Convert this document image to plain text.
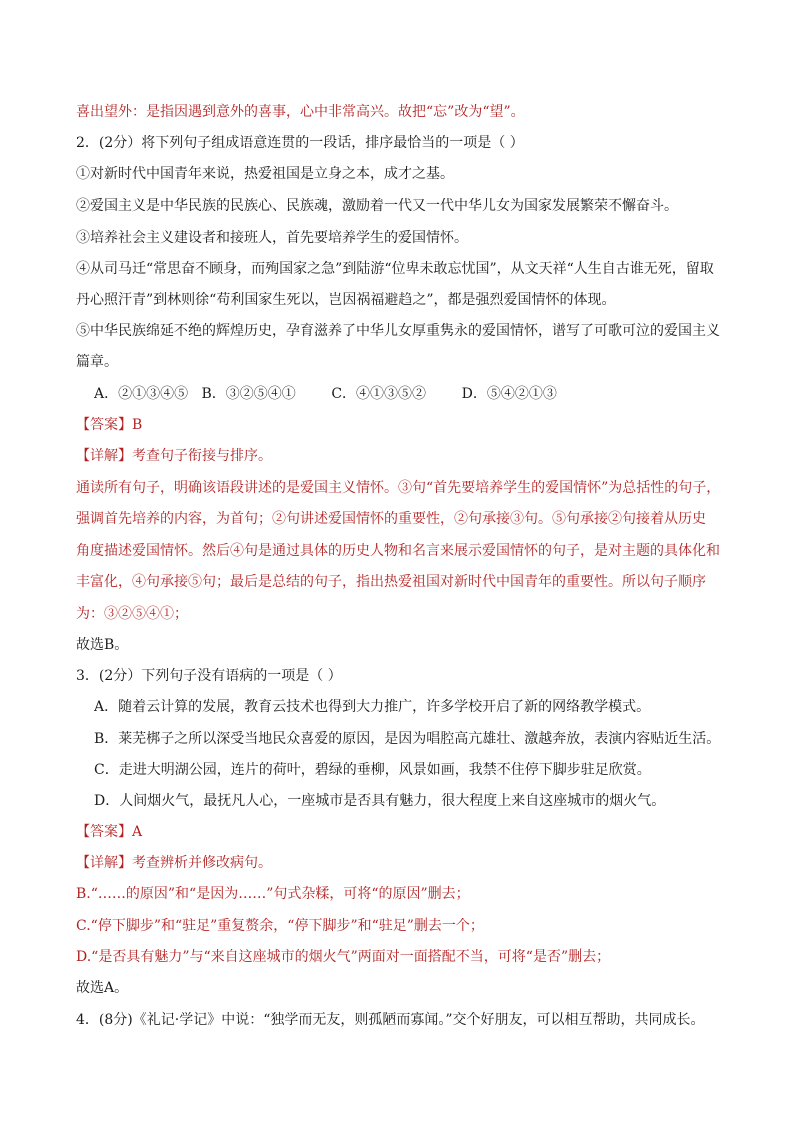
喜出望外：是指因遇到意外的喜事，心中非常高兴。故把“忘”改为“望”。
2．(2分）将下列句子组成语意连贯的一段话，排序最恰当的一项是（ ）
①对新时代中国青年来说，热爱祖国是立身之本，成才之基。
②爱国主义是中华民族的民族心、民族魂，激励着一代又一代中华儿女为国家发展繁荣不懈奋斗。
③培养社会主义建设者和接班人，首先要培养学生的爱国情怀。
④从司马迁“常思奋不顾身，而殉国家之急”到陆游“位卑未敢忘忧国”，从文天祥“人生自古谁无死，留取
丹心照汗青”到林则徐“苟利国家生死以，岂因祸福避趋之”，都是强烈爱国情怀的体现。
⑤中华民族绵延不绝的辉煌历史，孕育滋养了中华儿女厚重隽永的爱国情怀，谱写了可歌可泣的爱国主义
篇章。
A．②①③④⑤   B．③②⑤④①        C．④①③⑤②        D．⑤④②①③
【答案】B
【详解】考查句子衔接与排序。
通读所有句子，明确该语段讲述的是爱国主义情怀。③句“首先要培养学生的爱国情怀”为总括性的句子，
强调首先培养的内容，为首句；②句讲述爱国情怀的重要性，②句承接③句。⑤句承接②句接着从历史
角度描述爱国情怀。然后④句是通过具体的历史人物和名言来展示爱国情怀的句子，是对主题的具体化和
丰富化，④句承接⑤句；最后是总结的句子，指出热爱祖国对新时代中国青年的重要性。所以句子顺序
为：③②⑤④①；
故选B。
3．(2分）下列句子没有语病的一项是（ ）
A．随着云计算的发展，教育云技术也得到大力推广，许多学校开启了新的网络教学模式。
B．莱芜梆子之所以深受当地民众喜爱的原因，是因为唱腔高亢雄壮、激越奔放，表演内容贴近生活。
C．走进大明湖公园，连片的荷叶，碧绿的垂柳，风景如画，我禁不住停下脚步驻足欣赏。
D．人间烟火气，最抚凡人心，一座城市是否具有魅力，很大程度上来自这座城市的烟火气。
【答案】A
【详解】考查辨析并修改病句。
B.“……的原因”和“是因为……”句式杂糅，可将“的原因”删去；
C.“停下脚步”和“驻足”重复赘余，“停下脚步”和“驻足”删去一个；
D.“是否具有魅力”与“来自这座城市的烟火气”两面对一面搭配不当，可将“是否”删去；
故选A。
4．(8分)《礼记·学记》中说：“独学而无友，则孤陋而寡闻。”交个好朋友，可以相互帮助，共同成长。
